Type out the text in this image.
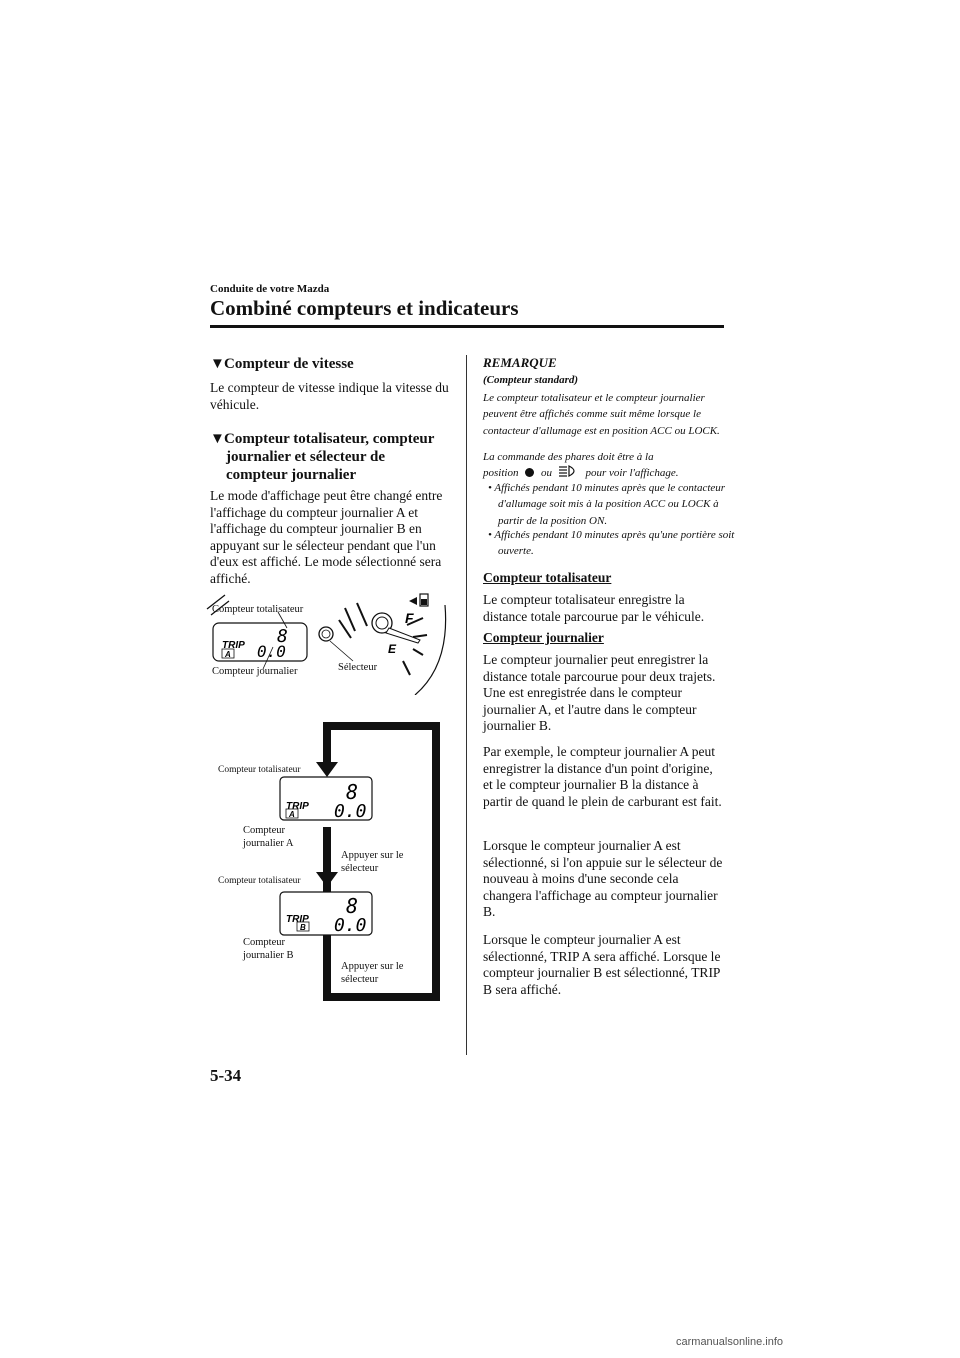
Conduite de votre Mazda
Combiné compteurs et indicateurs
▼Compteur de vitesse
Le compteur de vitesse indique la vitesse du véhicule.
▼Compteur totalisateur, compteur
journalier et sélecteur de
compteur journalier
Le mode d'affichage peut être changé entre l'affichage du compteur journalier A et l'affichage du compteur journalier B en appuyant sur le sélecteur pendant que l'un d'eux est affiché. Le mode sélectionné sera affiché.
F
E
TRIP
A
8
0.0
Compteur totalisateur
Compteur journalier	Sélecteur
TRIP
A
8
0.0
TRIP
B
8
0.0
Compteur totalisateur
Compteur
journalier A
Appuyer sur le
sélecteur
Compteur totalisateur
Compteur
journalier B
Appuyer sur le
sélecteur
REMARQUE
(Compteur standard)
Le compteur totalisateur et le compteur journalier peuvent être affichés comme suit même lorsque le contacteur d'allumage est en position ACC ou LOCK.
La commande des phares doit être à la
position ou	pour voir l'affichage.
• Affichés pendant 10 minutes après que le contacteur d'allumage soit mis à la position ACC ou LOCK à partir de la position ON.
• Affichés pendant 10 minutes après qu'une portière soit ouverte.
Compteur totalisateur
Le compteur totalisateur enregistre la distance totale parcourue par le véhicule.
Compteur journalier
Le compteur journalier peut enregistrer la distance totale parcourue pour deux trajets. Une est enregistrée dans le compteur journalier A, et l'autre dans le compteur journalier B.
Par exemple, le compteur journalier A peut enregistrer la distance d'un point d'origine, et le compteur journalier B la distance à partir de quand le plein de carburant est fait.
Lorsque le compteur journalier A est sélectionné, si l'on appuie sur le sélecteur de nouveau à moins d'une seconde cela changera l'affichage au compteur journalier B.
Lorsque le compteur journalier A est sélectionné, TRIP A sera affiché. Lorsque le compteur journalier B est sélectionné, TRIP B sera affiché.
5-34
carmanualsonline.info
